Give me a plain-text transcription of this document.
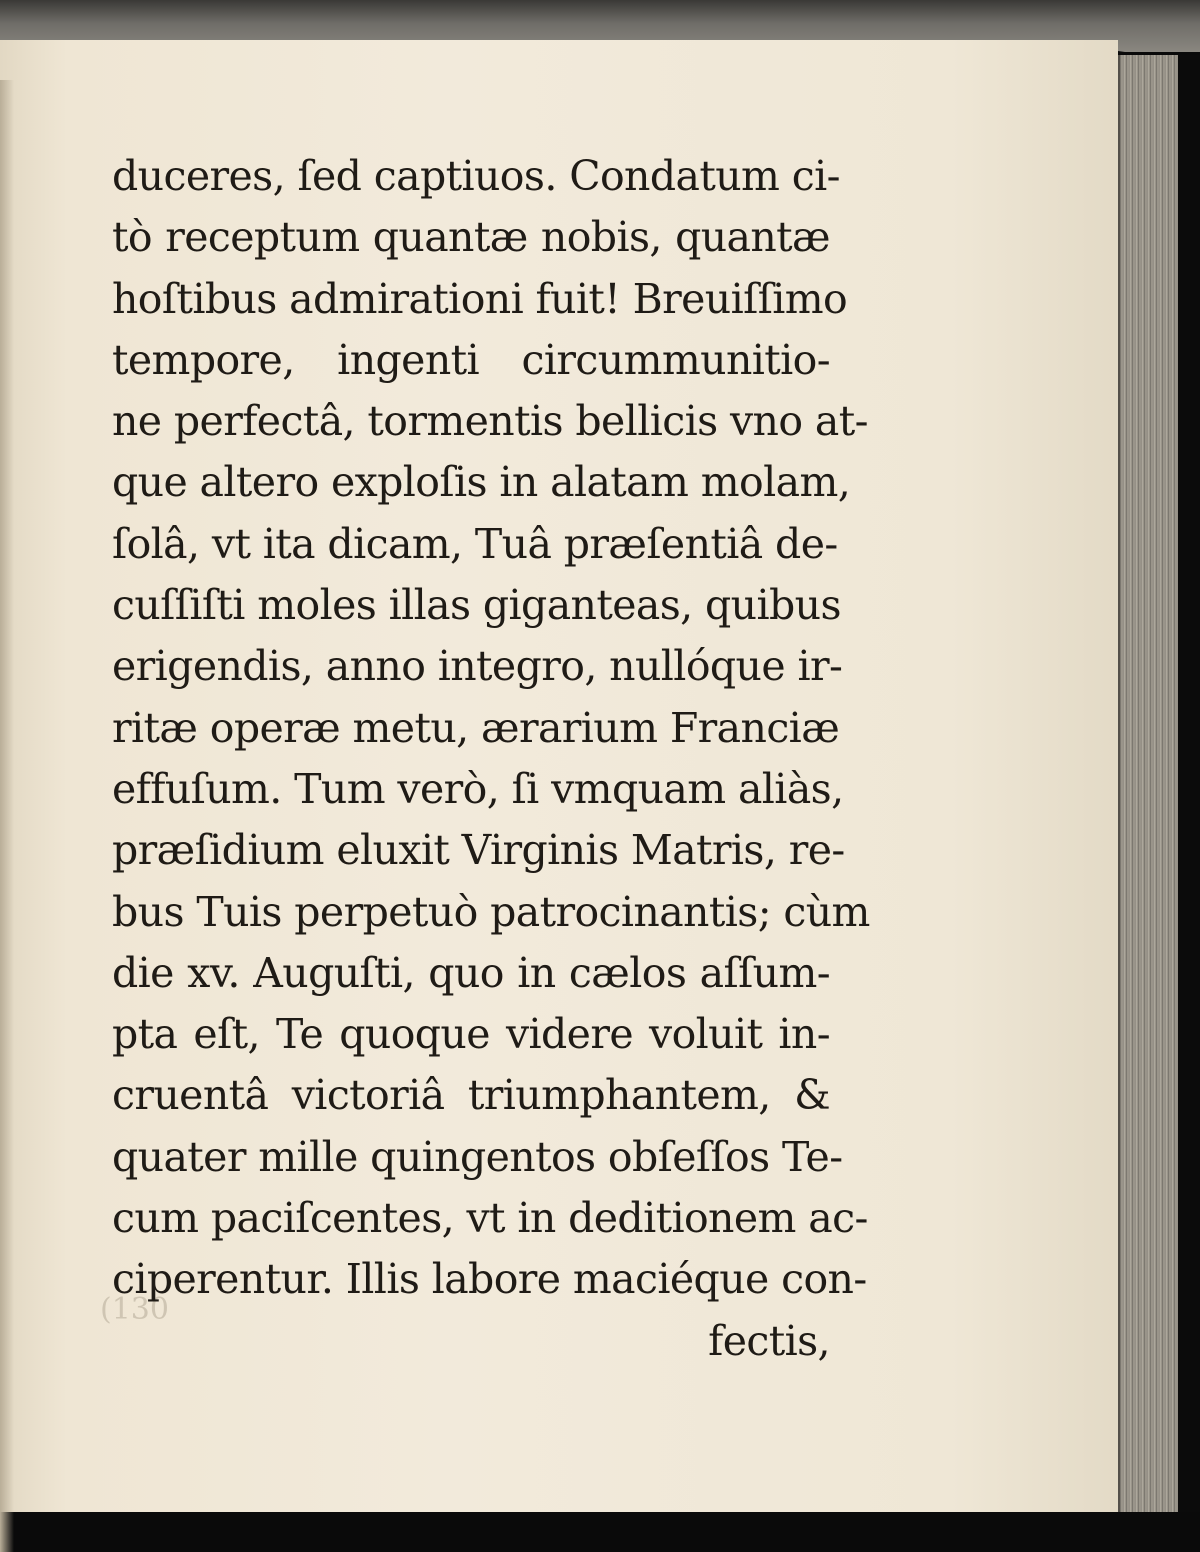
(130
duceres, ſed captiuos. Condatum ci-
tò receptum quantæ nobis, quantæ
hoſtibus admirationi fuit! Breuiſſimo
tempore, ingenti circummunitio-
ne perfectâ, tormentis bellicis vno at-
que altero exploſis in alatam molam,
ſolâ, vt ita dicam, Tuâ præſentiâ de-
cuſſiſti moles illas giganteas, quibus
erigendis, anno integro, nullóque ir-
ritæ operæ metu, ærarium Franciæ
effuſum. Tum verò, ſi vmquam aliàs,
præſidium eluxit Virginis Matris, re-
bus Tuis perpetuò patrocinantis; cùm
die xv. Auguſti, quo in cælos aſſum-
pta eſt, Te quoque videre voluit in-
cruentâ victoriâ triumphantem, &
quater mille quingentos obſeſſos Te-
cum paciſcentes, vt in deditionem ac-
ciperentur. Illis labore maciéque con-
fectis,
